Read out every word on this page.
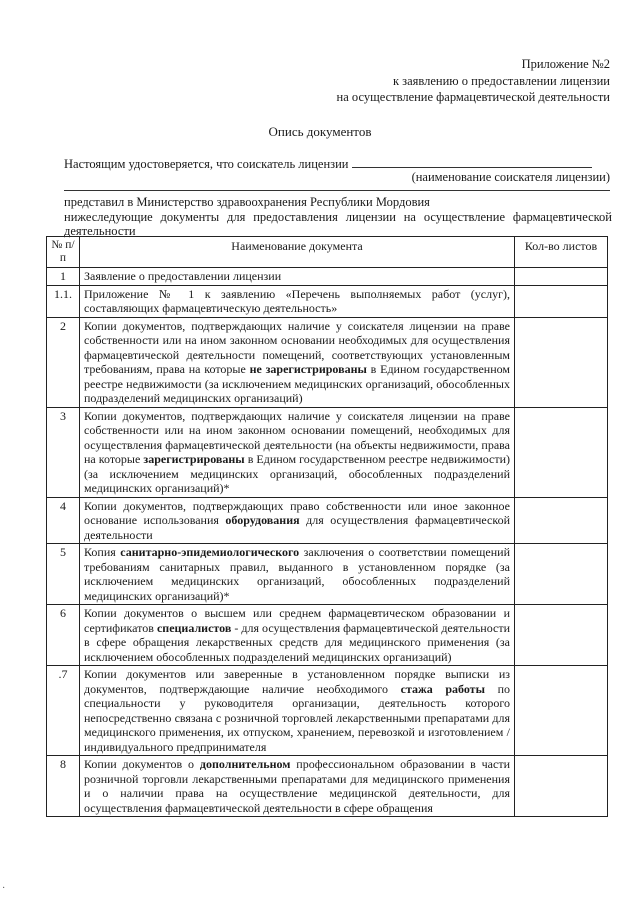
Приложение №2
к заявлению о предоставлении лицензии
на осуществление фармацевтической деятельности
Опись документов
Настоящим удостоверяется, что соискатель лицензии
(наименование соискателя лицензии)
представил в Министерство здравоохранения Республики Мордовия
нижеследующие документы для предоставления лицензии на осуществление фармацевтической деятельности
№ п/п	Наименование документа	Кол-во листов
1	Заявление о предоставлении лицензии	
1.1.	Приложение № 1 к заявлению «Перечень выполняемых работ (услуг), составляющих фармацевтическую деятельность»	
2	Копии документов, подтверждающих наличие у соискателя лицензии на праве собственности или на ином законном основании необходимых для осуществления фармацевтической деятельности помещений, соответствующих установленным требованиям, права на которые не зарегистрированы в Едином государственном реестре недвижимости (за исключением медицинских организаций, обособленных подразделений медицинских организаций)	
3	Копии документов, подтверждающих наличие у соискателя лицензии на праве собственности или на ином законном основании помещений, необходимых для осуществления фармацевтической деятельности (на объекты недвижимости, права на которые зарегистрированы в Едином государственном реестре недвижимости) (за исключением медицинских организаций, обособленных подразделений медицинских организаций)*	
4	Копии документов, подтверждающих право собственности или иное законное основание использования оборудования для осуществления фармацевтической деятельности	
5	Копия санитарно-эпидемиологического заключения о соответствии помещений требованиям санитарных правил, выданного в установленном порядке (за исключением медицинских организаций, обособленных подразделений медицинских организаций)*	
6	Копии документов о высшем или среднем фармацевтическом образовании и сертификатов специалистов - для осуществления фармацевтической деятельности в сфере обращения лекарственных средств для медицинского применения (за исключением обособленных подразделений медицинских организаций)	
.7	Копии документов или заверенные в установленном порядке выписки из документов, подтверждающие наличие необходимого стажа работы по специальности у руководителя организации, деятельность которого непосредственно связана с розничной торговлей лекарственными препаратами для медицинского применения, их отпуском, хранением, перевозкой и изготовлением / индивидуального предпринимателя	
8	Копии документов о дополнительном профессиональном образовании в части розничной торговли лекарственными препаратами для медицинского применения и о наличии права на осуществление медицинской деятельности, для осуществления фармацевтической деятельности в сфере обращения	
·
